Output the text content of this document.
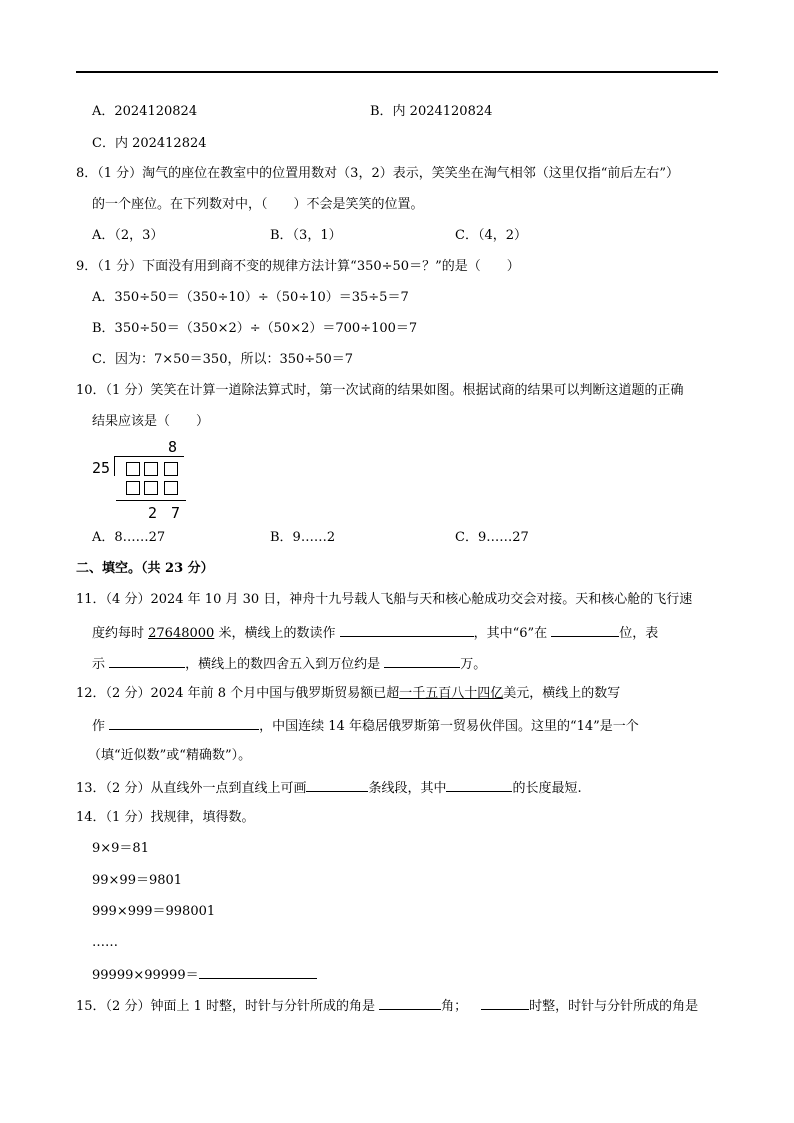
A．2024120824	B．内 2024120824
C．内 202412824
8．（1 分）淘气的座位在教室中的位置用数对（3，2）表示，笑笑坐在淘气相邻（这里仅指“前后左右”）
的一个座位。在下列数对中，（　　）不会是笑笑的位置。
A．（2，3）	B．（3，1）	C．（4，2）
9．（1 分）下面没有用到商不变的规律方法计算“350÷50＝？”的是（　　）
A．350÷50＝（350÷10）÷（50÷10）＝35÷5＝7
B．350÷50＝（350×2）÷（50×2）＝700÷100＝7
C．因为：7×50＝350，所以：350÷50＝7
10．（1 分）笑笑在计算一道除法算式时，第一次试商的结果如图。根据试商的结果可以判断这道题的正确
结果应该是（　　）
8
25
2 7
A．8……27	B．9……2	C．9……27
二、填空。（共 23 分）
11．（4 分）2024 年 10 月 30 日，神舟十九号载人飞船与天和核心舱成功交会对接。天和核心舱的飞行速
度约每时 27648000 米，横线上的数读作	，其中“6”在	位，表
示	，横线上的数四舍五入到万位约是	万。
12．（2 分）2024 年前 8 个月中国与俄罗斯贸易额已超一千五百八十四亿美元，横线上的数写
作	，中国连续 14 年稳居俄罗斯第一贸易伙伴国。这里的“14”是一个
（填“近似数”或“精确数”）。
13．（2 分）从直线外一点到直线上可画	条线段，其中	的长度最短.
14．（1 分）找规律，填得数。
9×9＝81
99×99＝9801
999×999＝998001
……
99999×99999＝
15．（2 分）钟面上 1 时整，时针与分针所成的角是	角；	时整，时针与分针所成的角是
